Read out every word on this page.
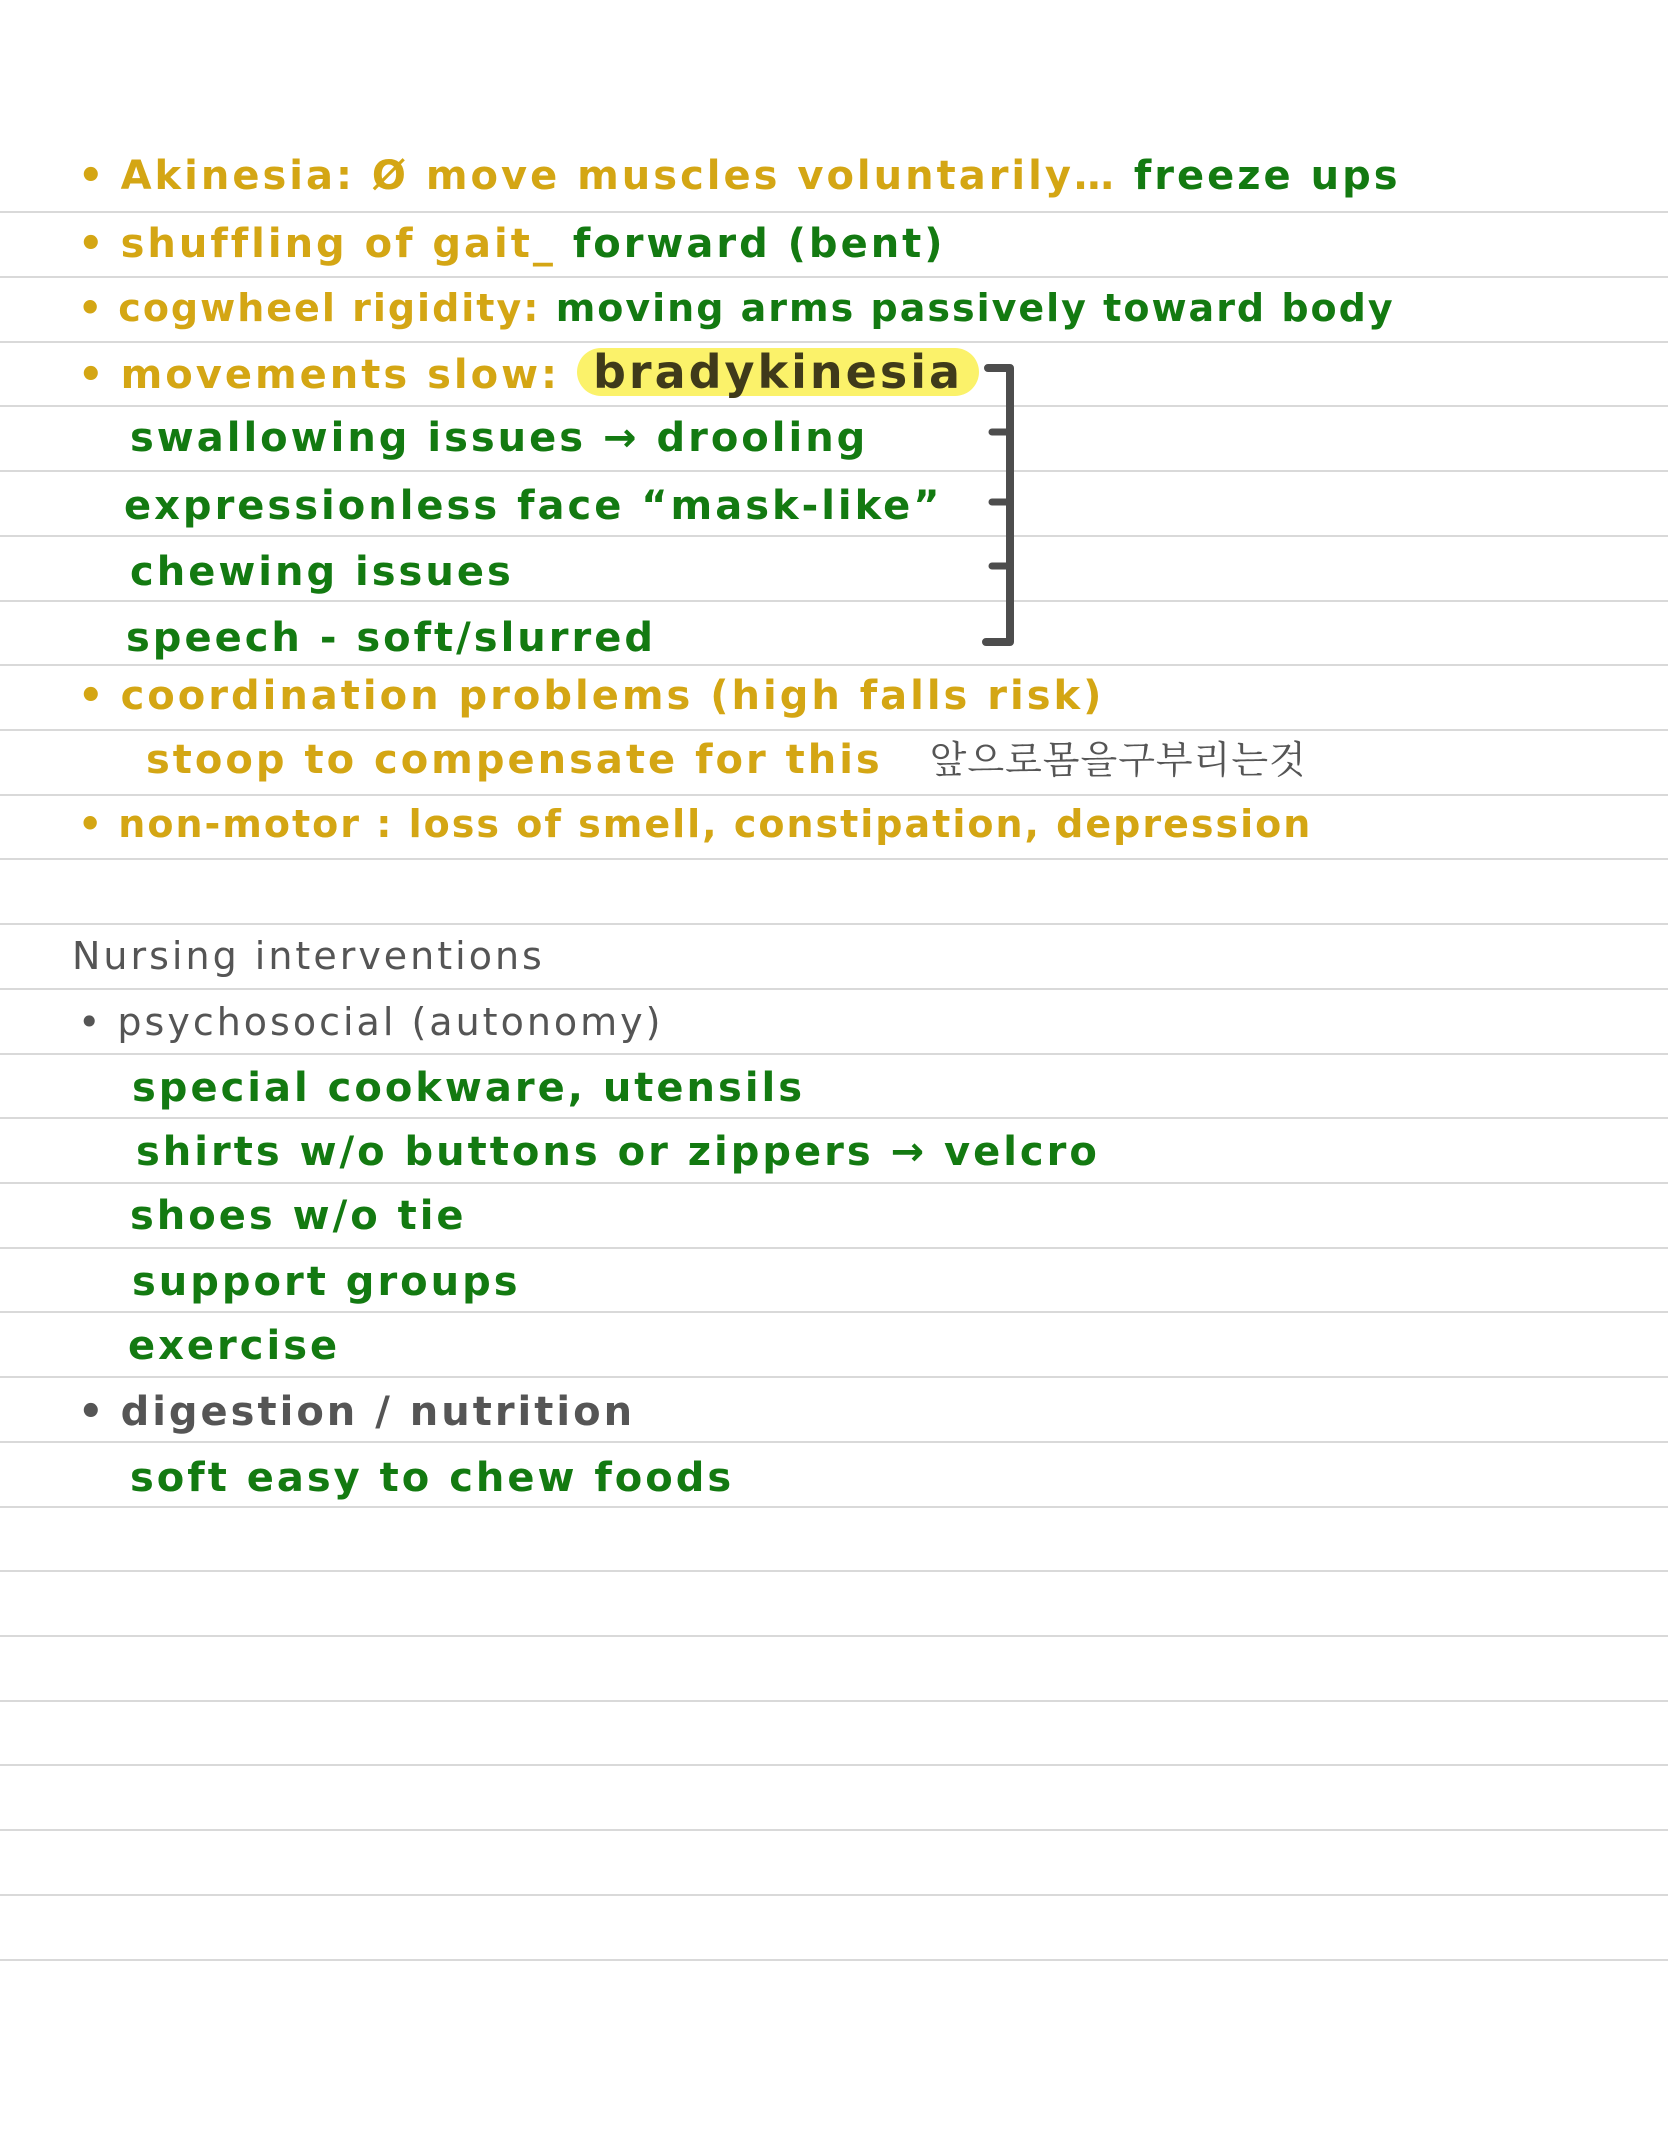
• Akinesia: Ø move muscles voluntarily… freeze ups
• shuffling of gait_ forward (bent)
• cogwheel rigidity: moving arms passively toward body
• movements slow: bradykinesia
swallowing issues → drooling
expressionless face “mask-like”
chewing issues
speech - soft/slurred
• coordination problems (high falls risk)
stoop to compensate for this 앞으로몸을구부리는것
• non-motor : loss of smell, constipation, depression
Nursing interventions
• psychosocial (autonomy)
special cookware, utensils
shirts w/o buttons or zippers → velcro
shoes w/o tie
support groups
exercise
• digestion / nutrition
soft easy to chew foods
